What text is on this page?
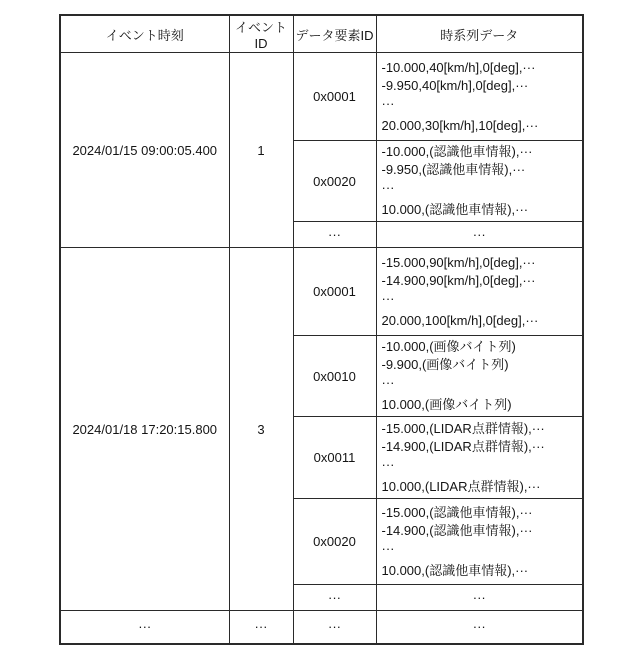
イベント時刻	イベントID	データ要素ID	時系列データ
2024/01/15 09:00:05.400	1	0x0001	-10.000,40[km/h],0[deg],···
-9.950,40[km/h],0[deg],···
···
20.000,30[km/h],10[deg],···

		0x0020	-10.000,(認識他車情報),···
-9.950,(認識他車情報),···
···
10.000,(認識他車情報),···

		···	···
2024/01/18 17:20:15.800	3	0x0001	-15.000,90[km/h],0[deg],···
-14.900,90[km/h],0[deg],···
···
20.000,100[km/h],0[deg],···

		0x0010	-10.000,(画像バイト列)
-9.900,(画像バイト列)
···
10.000,(画像バイト列)

		0x0011	-15.000,(LIDAR点群情報),···
-14.900,(LIDAR点群情報),···
···
10.000,(LIDAR点群情報),···

		0x0020	-15.000,(認識他車情報),···
-14.900,(認識他車情報),···
···
10.000,(認識他車情報),···

		···	···
···	···	···	···
